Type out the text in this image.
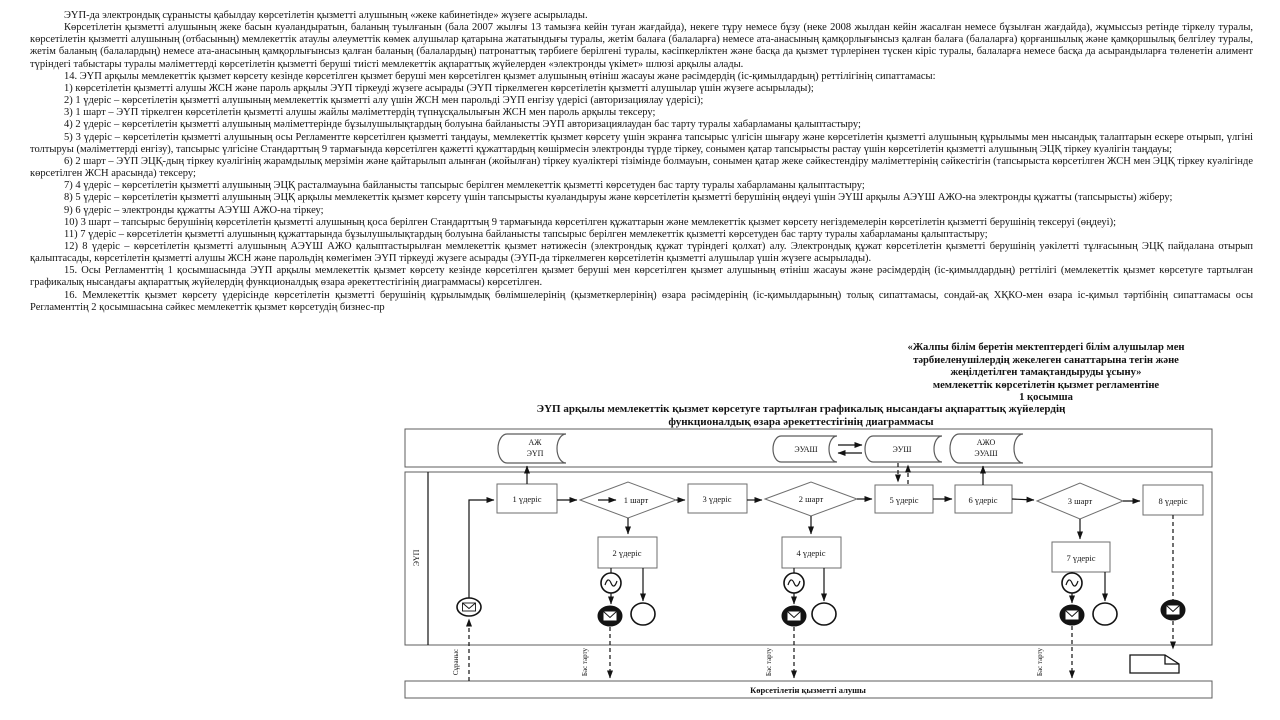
ЭҮП-да электрондық сұранысты қабылдау көрсетілетін қызметті алушының «жеке кабинетінде» жүзеге асырылады.

Көрсетілетін қызметті алушының жеке басын куәландыратын, баланың туылғанын (бала 2007 жылғы 13 тамызға кейін туған жағдайда), некеге тұру немесе бұзу (неке 2008 жылдан кейін жасалған немесе бұзылған жағдайда), жұмыссыз ретінде тіркелу туралы, көрсетілетін қызметті алушының (отбасының) мемлекеттік атаулы әлеуметтік көмек алушылар қатарына жататындығы туралы, жетім балаға (балаларға) немесе ата-анасының қамқорлығынсыз қалған балаға (балаларға) қорғаншылық және қамқоршылық белгілеу туралы, жетім баланың (балалардың) немесе ата-анасының қамқорлығынсыз қалған баланың (балалардың) патронаттық тәрбиеге берілгені туралы, кәсіпкерліктен және басқа да қызмет түрлерінен түскен кіріс туралы, балаларға немесе басқа да асырандыларға төленетін алимент түріндегі табыстары туралы мәліметтерді көрсетілетін қызметті беруші тиісті мемлекеттік ақпараттық жүйелерден «электронды үкімет» шлюзі арқылы алады.

14. ЭҮП арқылы мемлекеттік қызмет көрсету кезінде көрсетілген қызмет беруші мен көрсетілген қызмет алушының өтініш жасауы және рәсімдердің (іс-қимылдардың) реттілігінің сипаттамасы:

1) көрсетілетін қызметті алушы ЖСН және пароль арқылы ЭҮП тіркеуді жүзеге асырады (ЭҮП тіркелмеген көрсетілетін қызметті алушылар үшін жүзеге асырылады);

2) 1 үдеріс – көрсетілетін қызметті алушының мемлекеттік қызметті алу үшін ЖСН мен парольді ЭҮП енгізу үдерісі (авторизациялау үдерісі);

3) 1 шарт – ЭҮП тіркелген көрсетілетін қызметті алушы жайлы мәліметтердің түпнұсқалылығын ЖСН мен пароль арқылы тексеру;

4) 2 үдеріс – көрсетілетін қызметті алушының мәліметтерінде бұзылушылықтардың болуына байланысты ЭҮП авторизациялаудан бас тарту туралы хабарламаны қалыптастыру;

5) 3 үдеріс – көрсетілетін қызметті алушының осы Регламентте көрсетілген қызметті таңдауы, мемлекеттік қызмет көрсету үшін экранға тапсырыс үлгісін шығару және көрсетілетін қызметті алушының құрылымы мен нысандық талаптарын ескере отырып, үлгіні толтыруы (мәліметтерді енгізу), тапсырыс үлгісіне Стандарттың 9 тармағында көрсетілген қажетті құжаттардың көшірмесін электронды түрде тіркеу, сонымен қатар тапсырысты растау үшін көрсетілетін қызметті алушының ЭЦҚ тіркеу куәлігін таңдауы;

6) 2 шарт – ЭҮП ЭЦҚ-дың тіркеу куәлігінің жарамдылық мерзімін және қайтарылып алынған (жойылған) тіркеу куәліктері тізімінде болмауын, сонымен қатар жеке сәйкестендіру мәліметтерінің сәйкестігін (тапсырыста көрсетілген ЖСН мен ЭЦҚ тіркеу куәлігінде көрсетілген ЖСН арасында) тексеру;

7) 4 үдеріс – көрсетілетін қызметті алушының ЭЦҚ расталмауына байланысты тапсырыс берілген мемлекеттік қызметті көрсетуден бас тарту туралы хабарламаны қалыптастыру;

8) 5 үдеріс – көрсетілетін қызметті алушының ЭЦҚ арқылы мемлекеттік қызмет көрсету үшін тапсырысты куәландыруы және көрсетілетін қызметті берушінің өңдеуі үшін ЭҮШ арқылы АЭҮШ АЖО-на электронды құжатты (тапсырысты) жіберу;

9) 6 үдеріс – электронды құжатты АЭҮШ АЖО-на тіркеу;

10) 3 шарт – тапсырыс берушінің көрсетілетін қызметті алушының қоса берілген Стандарттың 9 тармағында көрсетілген құжаттарын және мемлекеттік қызмет көрсету негіздемелерін көрсетілетін қызметті берушінің тексеруі (өңдеуі);

11) 7 үдеріс – көрсетілетін қызметті алушының құжаттарында бұзылушылықтардың болуына байланысты тапсырыс берілген мемлекеттік қызметті көрсетуден бас тарту туралы хабарламаны қалыптастыру;

12) 8 үдеріс – көрсетілетін қызметті алушының АЭҮШ АЖО қалыптастырылған мемлекеттік қызмет нәтижесін (электрондық құжат түріндегі қолхат) алу. Электрондық құжат көрсетілетін қызметті берушінің уәкілетті тұлғасының ЭЦҚ пайдалана отырып қалыптасады, көрсетілетін қызметті алушы ЖСН және парольдің көмегімен ЭҮП тіркеуді жүзеге асырады (ЭҮП-да тіркелмеген көрсетілетін қызметті алушылар үшін жүзеге асырылады).

15. Осы Регламенттің 1 қосымшасында ЭҮП арқылы мемлекеттік қызмет көрсету кезінде көрсетілген қызмет беруші мен көрсетілген қызмет алушының өтініш жасауы және рәсімдердің (іс-қимылдардың) реттілігі (мемлекеттік қызмет көрсетуге тартылған графикалық нысандағы ақпараттық жүйелердің функционалдық өзара әрекеттестігінің диаграммасы) көрсетілген.

16. Мемлекеттік қызмет көрсету үдерісінде көрсетілетін қызметті берушінің құрылымдық бөлімшелерінің (қызметкерлерінің) өзара рәсімдерінің (іс-қимылдарының) толық сипаттамасы, сондай-ақ ХҚКО-мен өзара іс-қимыл тәртібінің сипаттамасы осы Регламенттің 2 қосымшасына сәйкес мемлекеттік қызмет көрсетудің бизнес-пр

«Жалпы білім беретін мектептердегі білім алушылар мен
тәрбиеленушілердің жекелеген санаттарына тегін және
жеңілдетілген тамақтандыруды ұсыну»
мемлекеттік көрсетілетін қызмет регламентіне
1 қосымша
ЭҮП арқылы мемлекеттік қызмет көрсетуге тартылған графикалық нысандағы ақпараттық жүйелердің
функционалдық өзара әрекеттестігінің диаграммасы
ЭҮП
Көрсетілетін қызметті алушы
АЖ
ЭҮП	ЭУАШ	ЭУШ
АЖО
ЭУАШ
1 үдеріс	1 шарт	3 үдеріс	2 шарт	5 үдеріс	6 үдеріс	3 шарт	8 үдеріс
2 үдеріс	4 үдеріс	7 үдеріс
Сұраныс	Бас тарту	Бас тарту	Бас тарту
